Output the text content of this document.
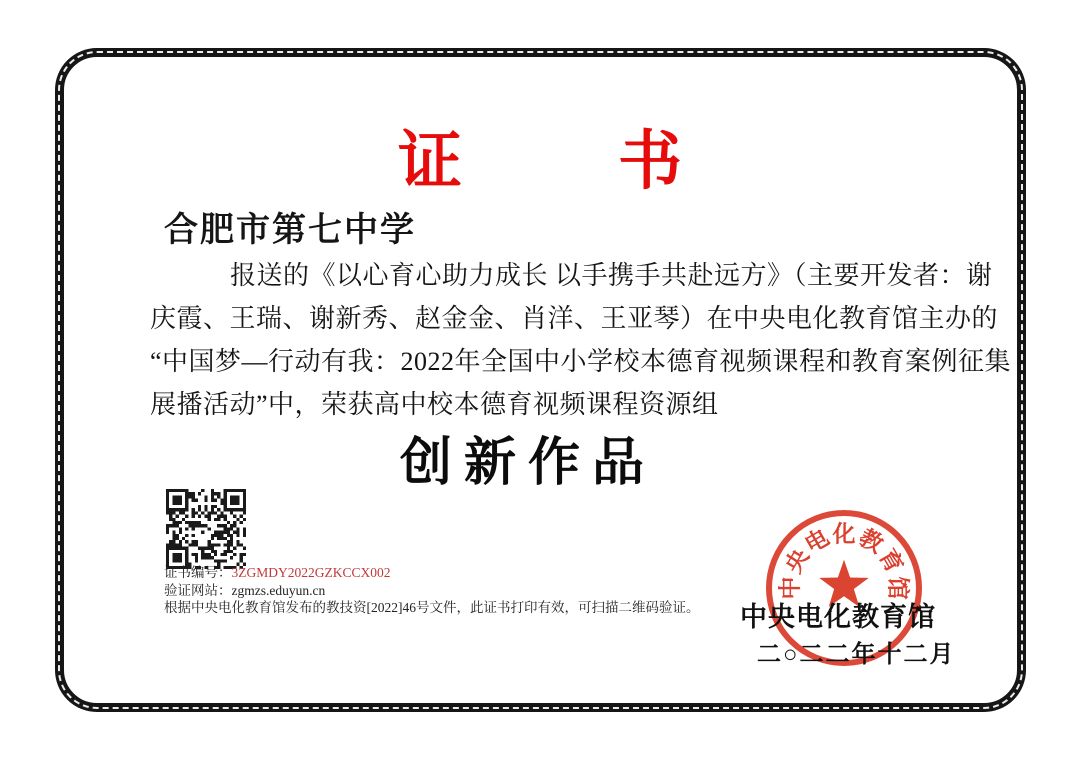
证　书
合肥市第七中学
报送的《以心育心助力成长 以手携手共赴远方》（主要开发者：谢
庆霞、王瑞、谢新秀、赵金金、肖洋、王亚琴）在中央电化教育馆主办的
“中国梦—行动有我：2022年全国中小学校本德育视频课程和教育案例征集
展播活动”中，荣获高中校本德育视频课程资源组
创新作品
证书编号：3ZGMDY2022GZKCCX002
验证网站：zgmzs.eduyun.cn
根据中央电化教育馆发布的教技资[2022]46号文件，此证书打印有效，可扫描二维码验证。
中
央
电 化 教
育
馆
中央电化教育馆
二○二二年十二月
